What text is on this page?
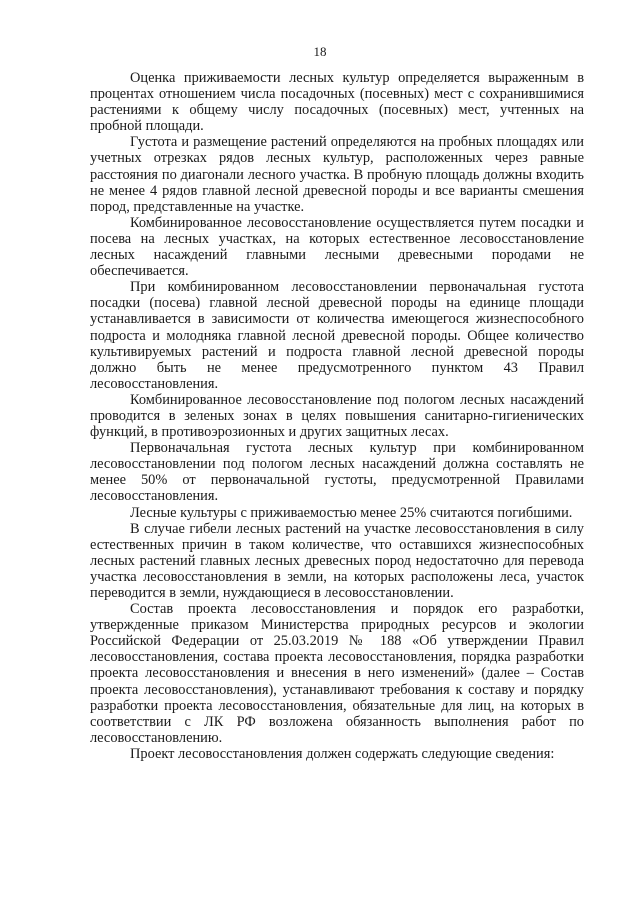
18

Оценка приживаемости лесных культур определяется выраженным в процентах отношением числа посадочных (посевных) мест с сохранившимися растениями к общему числу посадочных (посевных) мест, учтенных на пробной площади.

Густота и размещение растений определяются на пробных площадях или учетных отрезках рядов лесных культур, расположенных через равные расстояния по диагонали лесного участка. В пробную площадь должны входить не менее 4 рядов главной лесной древесной породы и все варианты смешения пород, представленные на участке.

Комбинированное лесовосстановление осуществляется путем посадки и посева на лесных участках, на которых естественное лесовосстановление лесных насаждений главными лесными древесными породами не обеспечивается.

При комбинированном лесовосстановлении первоначальная густота посадки (посева) главной лесной древесной породы на единице площади устанавливается в зависимости от количества имеющегося жизнеспособного подроста и молодняка главной лесной древесной породы. Общее количество культивируемых растений и подроста главной лесной древесной породы должно быть не менее предусмотренного пунктом 43 Правил лесовосстановления.

Комбинированное лесовосстановление под пологом лесных насаждений проводится в зеленых зонах в целях повышения санитарно-гигиенических функций, в противоэрозионных и других защитных лесах.

Первоначальная густота лесных культур при комбинированном лесовосстановлении под пологом лесных насаждений должна составлять не менее 50% от первоначальной густоты, предусмотренной Правилами лесовосстановления.

Лесные культуры с приживаемостью менее 25% считаются погибшими.

В случае гибели лесных растений на участке лесовосстановления в силу естественных причин в таком количестве, что оставшихся жизнеспособных лесных растений главных лесных древесных пород недостаточно для перевода участка лесовосстановления в земли, на которых расположены леса, участок переводится в земли, нуждающиеся в лесовосстановлении.

Состав проекта лесовосстановления и порядок его разработки, утвержденные приказом Министерства природных ресурсов и экологии Российской Федерации от 25.03.2019 № 188 «Об утверждении Правил лесовосстановления, состава проекта лесовосстановления, порядка разработки проекта лесовосстановления и внесения в него изменений» (далее – Состав проекта лесовосстановления), устанавливают требования к составу и порядку разработки проекта лесовосстановления, обязательные для лиц, на которых в соответствии с ЛК РФ возложена обязанность выполнения работ по лесовосстановлению.

Проект лесовосстановления должен содержать следующие сведения:
